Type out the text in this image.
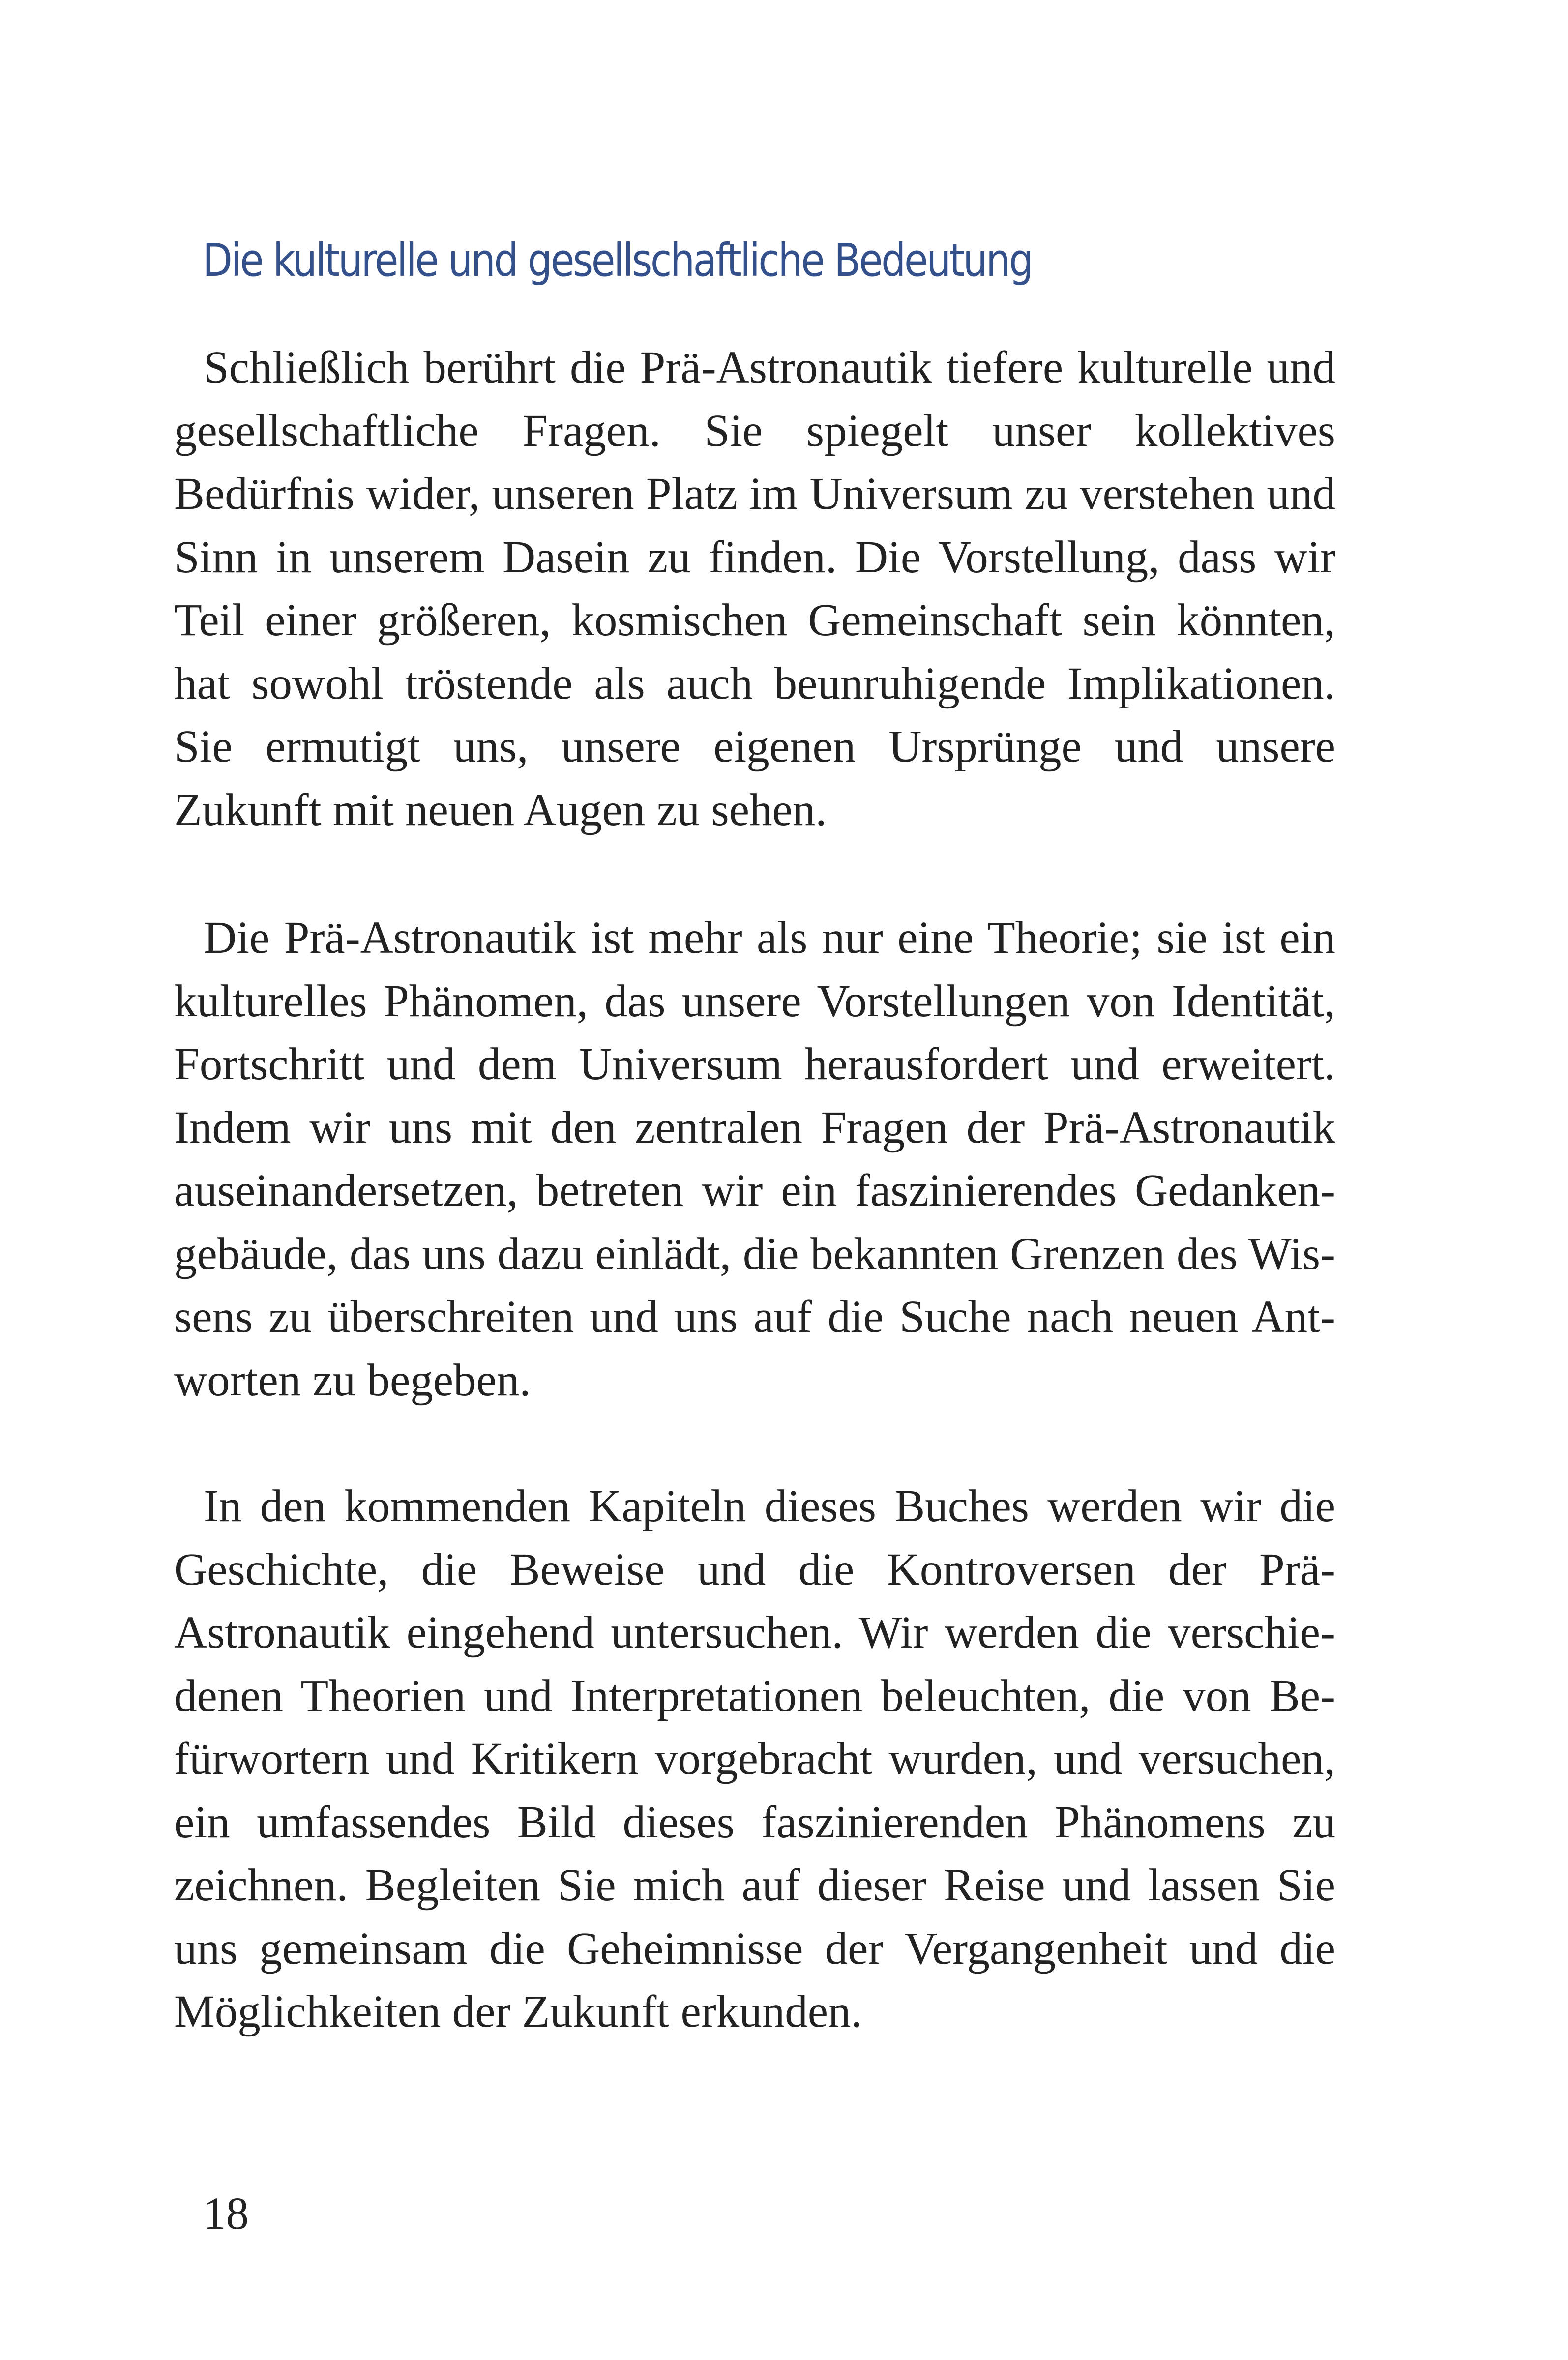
Die kulturelle und gesellschaftliche Bedeutung

Schließlich berührt die Prä-Astronautik tiefere kulturelle und gesellschaftliche Fragen. Sie spiegelt unser kollektives Bedürfnis wider, unseren Platz im Universum zu verstehen und Sinn in unserem Dasein zu finden. Die Vorstellung, dass wir Teil einer größeren, kosmischen Gemeinschaft sein könnten, hat sowohl tröstende als auch beunruhigende Implikationen. Sie ermutigt uns, unsere eigenen Ursprünge und unsere Zukunft mit neuen Augen zu sehen.

Die Prä-Astronautik ist mehr als nur eine Theorie; sie ist ein kulturelles Phänomen, das unsere Vorstellungen von Identität, Fortschritt und dem Universum herausfordert und erweitert. Indem wir uns mit den zentralen Fragen der Prä-Astronautik auseinandersetzen, betreten wir ein faszinierendes Gedankengebäude, das uns dazu einlädt, die bekannten Grenzen des Wissens zu überschreiten und uns auf die Suche nach neuen Antworten zu begeben.

In den kommenden Kapiteln dieses Buches werden wir die Geschichte, die Beweise und die Kontroversen der Prä-Astronautik eingehend untersuchen. Wir werden die verschiedenen Theorien und Interpretationen beleuchten, die von Befürwortern und Kritikern vorgebracht wurden, und versuchen, ein umfassendes Bild dieses faszinierenden Phänomens zu zeichnen. Begleiten Sie mich auf dieser Reise und lassen Sie uns gemeinsam die Geheimnisse der Vergangenheit und die Möglichkeiten der Zukunft erkunden.

18
